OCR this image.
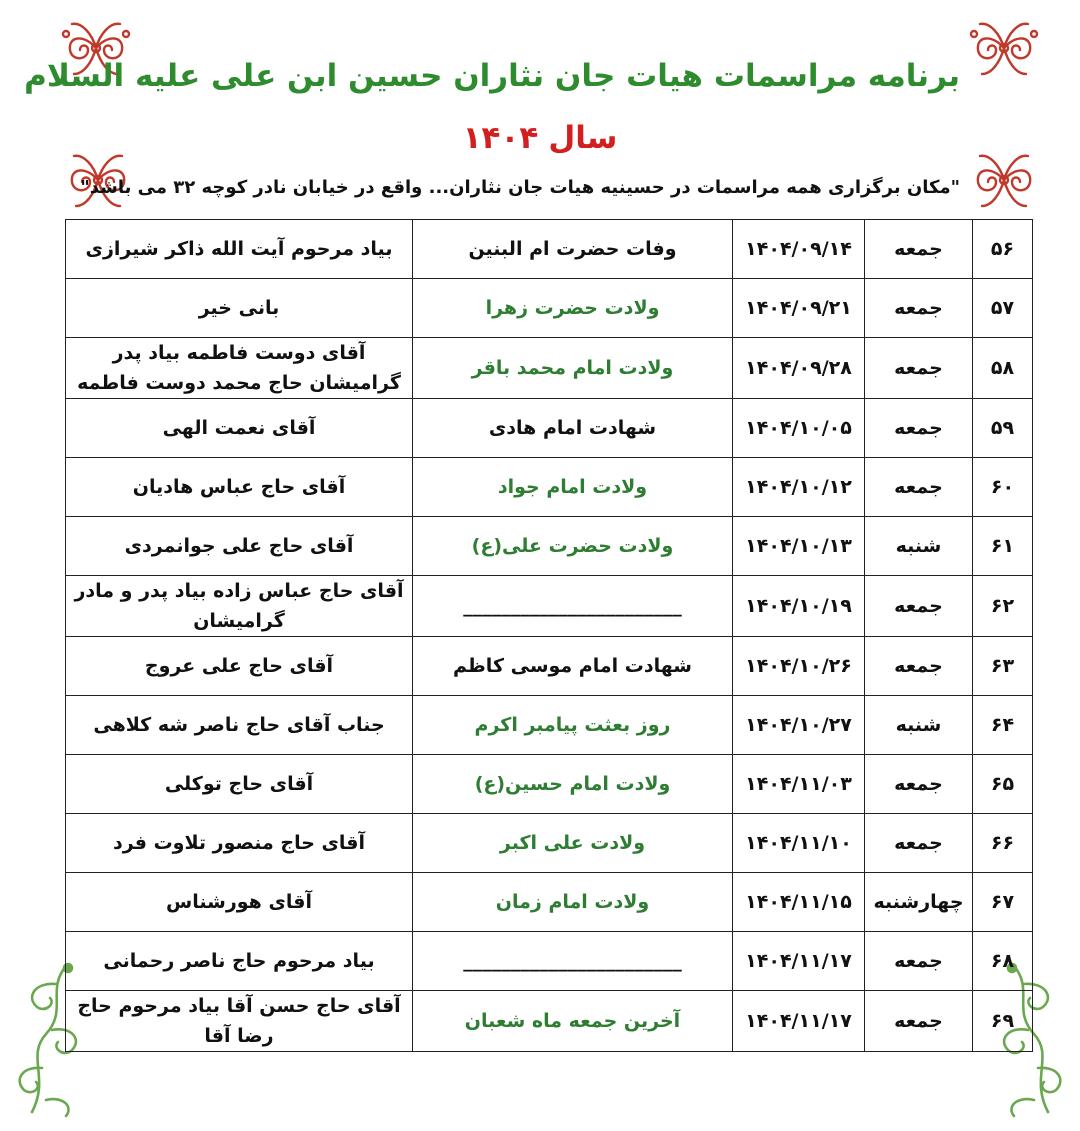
برنامه مراسمات هیات جان نثاران حسین ابن علی علیه السلام
سال۱۴۰۴
"مکان برگزاری همه مراسمات در حسینیه هیات جان نثاران... واقع در خیابان نادر کوچه ۳۲ می باشد"
۵۶	جمعه	۱۴۰۴/۰۹/۱۴	وفات حضرت ام البنین	بیاد مرحوم آیت الله ذاکر شیرازی
۵۷	جمعه	۱۴۰۴/۰۹/۲۱	ولادت حضرت زهرا	بانی خیر
۵۸	جمعه	۱۴۰۴/۰۹/۲۸	ولادت امام محمد باقر	آقای دوست فاطمه بیاد پدر گرامیشان حاج محمد دوست فاطمه
۵۹	جمعه	۱۴۰۴/۱۰/۰۵	شهادت امام هادی	آقای نعمت الهی
۶۰	جمعه	۱۴۰۴/۱۰/۱۲	ولادت امام جواد	آقای حاج عباس هادیان
۶۱	شنبه	۱۴۰۴/۱۰/۱۳	ولادت حضرت علی(ع)	آقای حاج علی جوانمردی
۶۲	جمعه	۱۴۰۴/۱۰/۱۹	_______________________	آقای حاج عباس زاده بیاد پدر و مادر گرامیشان
۶۳	جمعه	۱۴۰۴/۱۰/۲۶	شهادت امام موسی کاظم	آقای حاج علی عروج
۶۴	شنبه	۱۴۰۴/۱۰/۲۷	روز بعثت پیامبر اکرم	جناب آقای حاج ناصر شه کلاهی
۶۵	جمعه	۱۴۰۴/۱۱/۰۳	ولادت امام حسین(ع)	آقای حاج توکلی
۶۶	جمعه	۱۴۰۴/۱۱/۱۰	ولادت علی اکبر	آقای حاج منصور تلاوت فرد
۶۷	چهارشنبه	۱۴۰۴/۱۱/۱۵	ولادت امام زمان	آقای هورشناس
۶۸	جمعه	۱۴۰۴/۱۱/۱۷	_______________________	بیاد مرحوم حاج ناصر رحمانی
۶۹	جمعه	۱۴۰۴/۱۱/۱۷	آخرین جمعه ماه شعبان	آقای حاج حسن آقا بیاد مرحوم حاج رضا آقا
